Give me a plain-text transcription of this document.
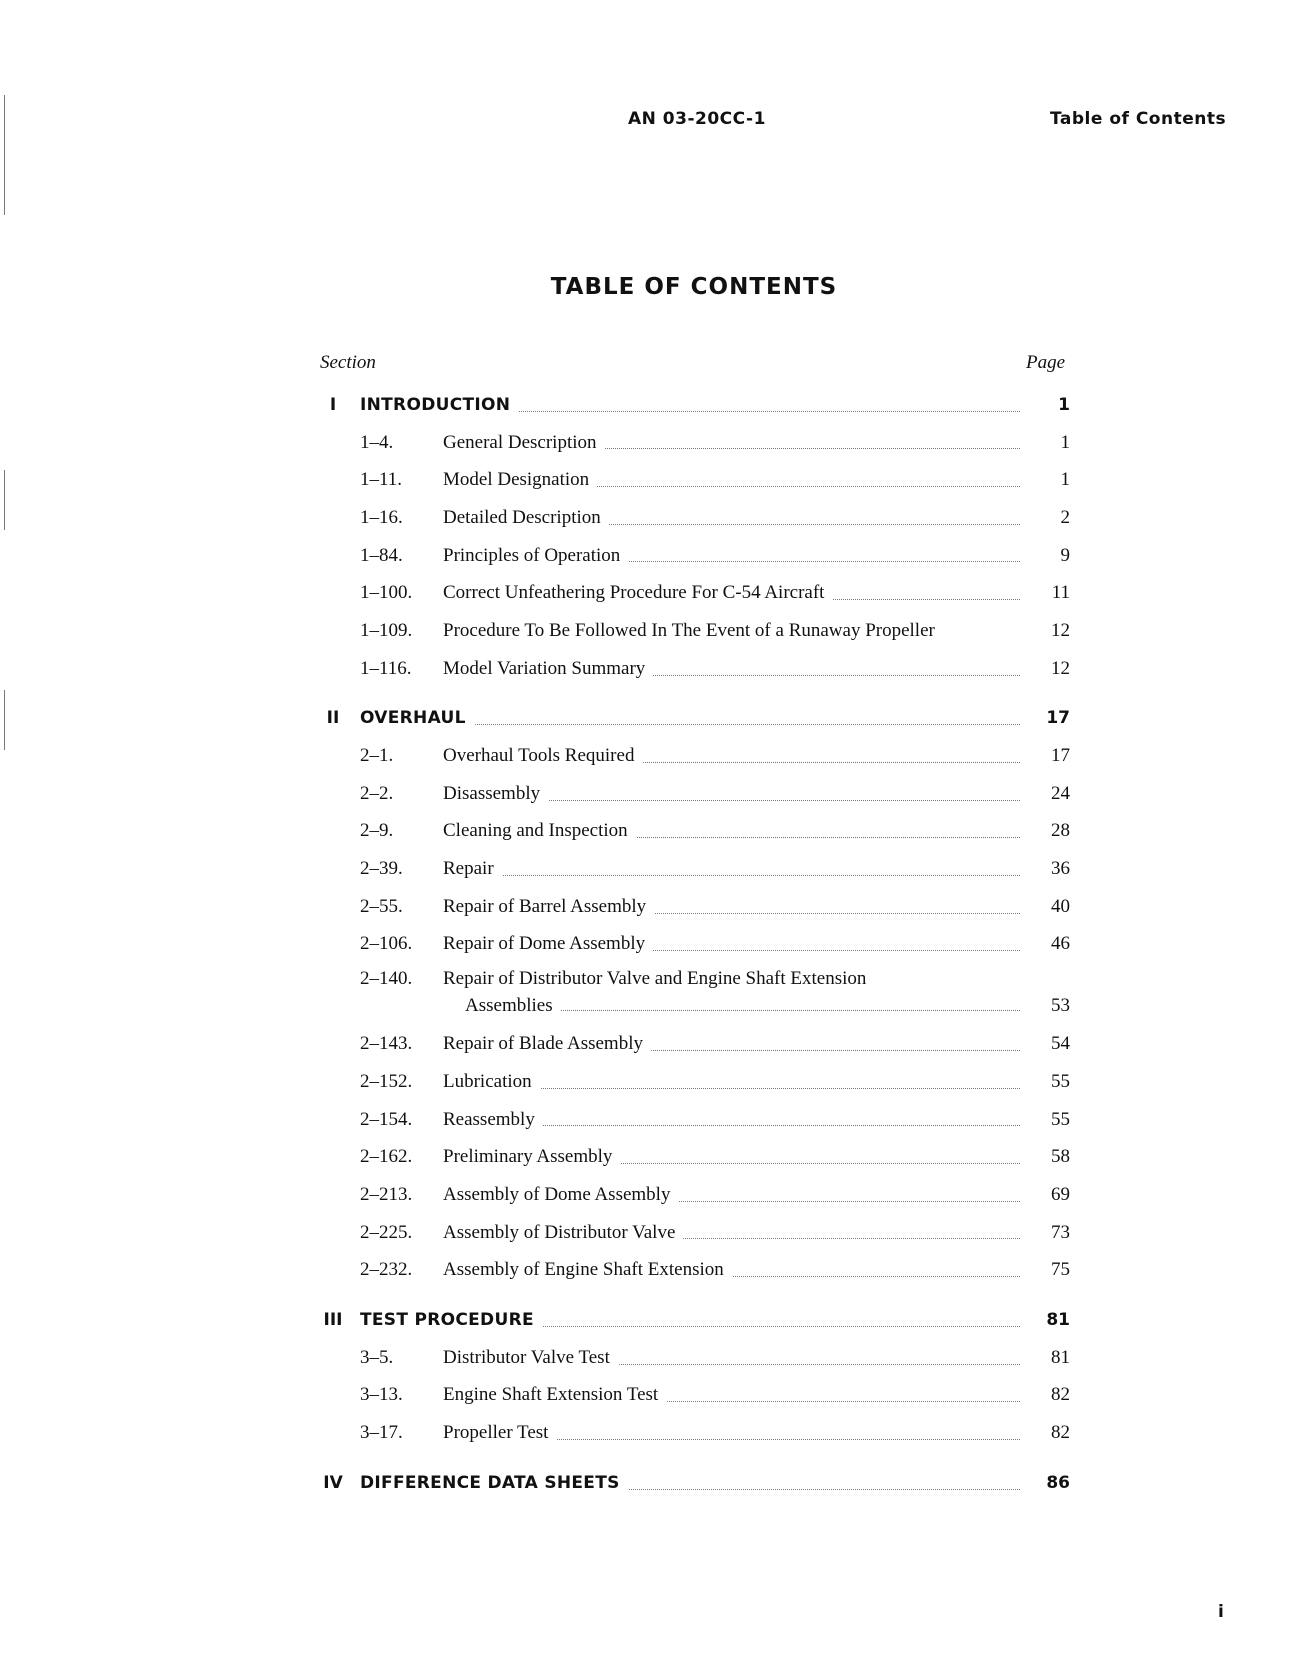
AN 03-20CC-1	Table of Contents
TABLE OF CONTENTS
Section	Page
I	INTRODUCTION	1
1–4.	General Description	1
1–11. Model Designation	1
1–16. Detailed Description	2
1–84. Principles of Operation	9
1–100. Correct Unfeathering Procedure For C-54 Aircraft	11
1–109. Procedure To Be Followed In The Event of a Runaway Propeller	12
1–116. Model Variation Summary	12
II	OVERHAUL	17
2–1.	Overhaul Tools Required	17
2–2.	Disassembly	24
2–9.	Cleaning and Inspection	28
2–39. Repair	36
2–55. Repair of Barrel Assembly	40
2–106. Repair of Dome Assembly	46
2–140. Repair of Distributor Valve and Engine Shaft Extension
Assemblies	53
2–143. Repair of Blade Assembly	54
2–152. Lubrication	55
2–154. Reassembly	55
2–162. Preliminary Assembly	58
2–213. Assembly of Dome Assembly	69
2–225. Assembly of Distributor Valve	73
2–232. Assembly of Engine Shaft Extension	75
III	TEST PROCEDURE	81
3–5.	Distributor Valve Test	81
3–13. Engine Shaft Extension Test	82
3–17. Propeller Test	82
IV	DIFFERENCE DATA SHEETS	86
i
